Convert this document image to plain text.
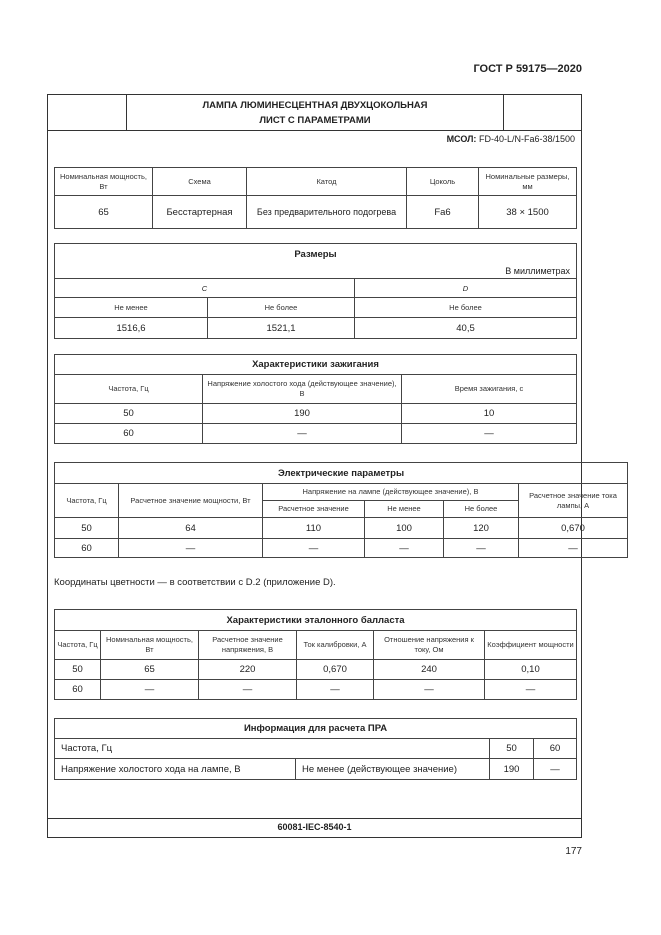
ГОСТ Р 59175—2020
ЛАМПА ЛЮМИНЕСЦЕНТНАЯ ДВУХЦОКОЛЬНАЯ
ЛИСТ С ПАРАМЕТРАМИ
МСОЛ: FD-40-L/N-Fa6-38/1500
Номинальная мощность, Вт	Схема	Катод	Цоколь	Номинальные размеры, мм
65	Бесстартерная	Без предварительного подогрева	Fa6	38 × 1500
Размеры		
В миллиметрах		
C		D
Не менее	Не более	Не более
1516,6	1521,1	40,5
Характеристики зажигания		
Частота, Гц	Напряжение холостого хода (действующее значение), В	Время зажигания, с
50	190	10
60	—	—
Электрические параметры					
Частота, Гц	Расчетное значение мощности, Вт	Напряжение на лампе (действующее значение), В			Расчетное значение тока лампы, А
		Расчетное значение	Не менее	Не более	
50	64	110	100	120	0,670
60	—	—	—	—	—
Координаты цветности — в соответствии с D.2 (приложение D).
Характеристики эталонного балласта					
Частота, Гц	Номинальная мощность, Вт	Расчетное значение напряжения, В	Ток калибровки, А	Отношение напряжения к току, Ом	Коэффициент мощности
50	65	220	0,670	240	0,10
60	—	—	—	—	—
Информация для расчета ПРА			
Частота, Гц		50	60
Напряжение холостого хода на лампе, В	Не менее (действующее значение)	190	—
60081-IEC-8540-1
177
